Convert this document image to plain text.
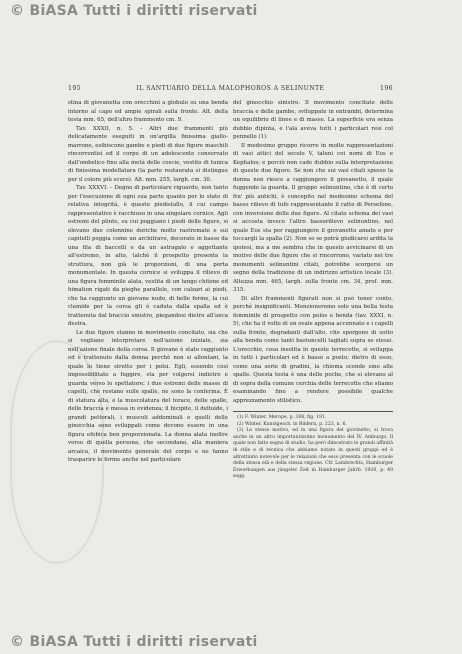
© BiASA Tutti i diritti riservati
195	IL SANTUARIO DELLA MALOPHOROS A SELINUNTE	196

stina di giovanetta con orecchini a globulo su una benda intorno al capo ed ampie spirali sulla fronte. Alt. della testa mm. 65, dell'altro frammento cm. 9.

Tav. XXXII, n. 5. – Altri due frammenti più delicatamente eseguiti in un'argilla finissima giallo-marrone, esibiscono gambe e piedi di due figure maschili rincorrentisi ed il corpo di un adolescente conservato dall'ombelico fino alla metà delle coscie, vestito di tunica di finissima modellatura (la parte restaurata si distingue per il colore più scuro). Alt. mm. 255, largh. cm. 30.

Tav. XXXVI. – Degno di particolare riguardo, non tanto per l'esecuzione di ogni sua parte quanto per lo stato di relativa integrità, è questo piedistallo, il cui campo rappresentativo è racchiuso in una singolare cornice. Agli estremi del plinto, su cui poggiano i piedi delle figure, si elevano due colonnine doriche molto rastremate e sui capitelli poggia come un architrave, decorato in basso da una fila di baccelli e da un astragalo e aggettante all'estremo, in alto, talchè il prospetto presenta la struttura, non già le proporzioni, di una porta monumentale. In questa cornice si sviluppa il rilievo di una figura femminile alata, vestita di un lungo chitone ed himation rigati da pieghe parallele, con calzari ai piedi, che ha raggiunto un giovane nudo, di belle forme, la cui clamide per la corsa gli è caduta dalla spalla ed è trattenuta dal braccio sinistro, piegandosi dietro all'anca destra.

Le due figure stanno in movimento concitato, sia che si vogliano interpretare nell'azione iniziale, sia nell'azione finale della corsa. Il giovane è stato raggiunto ed è trattenuto dalla donna perchè non si allontani, la quale lo tiene stretto per i polsi. Egli, essendo così impossibilitato a fuggire, sta per volgersi indietro e guarda verso lo spettatore; i due estremi delle masse di capelli, che restano sulle spalle, ne sono la conferma. È di statura alta, e la muscolatura del torace, delle spalle, delle braccia è messa in evidenza; il bicipite, il deltoide, i grandi pettorali, i muscoli addominali e quelli delle ginocchia sono sviluppati come devono essere in una figura efebica ben proporzionata. La donna alata inoltre verso di quella persona, che secondano, alla maniera arcaica, il movimento generale del corpo e ne fanno trasparire le forme anche nel particolare

del ginocchio sinistro. Il movimento concitato delle braccia e delle gambe, sviluppate in entrambi, determina un equilibrio di linee e di masse. La superficie era senza dubbio dipinta, e l'ala aveva tutti i particolari resi col pennello (1).

Il medesimo gruppo ricorre in molte rappresentazioni di vasi attici del secolo V, taluni coi nomi di Eos e Kephalos; e perciò non cade dubbio sulla interpretazione di queste due figure. Se non che sui vasi citati spesso la donna non riesce a raggiungere il giovanetto, il quale fuggendo la guarda. Il gruppo selinuntino, che è di certo fra' più antichi, è concepito nel medesimo schema del basso rilievo di tufo rappresentante il ratto di Persefone, con inversione delle due figure. Al citato schema dei vasi si accosta invece l'altro bassorilievo selinuntino, nel quale Eos sta per raggiungere il giovanetto amato e per toccargli la spalla (2). Non so se potrà giudicarsi ardita la ipotesi, ma a me sembra che in questo avvicinarsi di un motivo delle due figure che si rincorrono, variato nei tre monumenti selinuntini citati, potrebbe scorgersi un segno della tradizione di un indirizzo artistico locale (3). Altezza mm. 465, largh. sulla fronte cm. 34, prof. mm. 315.

Di altri frammenti figurati non si può tener conto, perchè insignificanti. Menzioneremo solo una bella testa femminile di prospetto con polos e benda (tav. XXXI, n. 5), che ha il volto di un ovale appena accennato e i capelli sulla fronte, degradanti dall'alto, che sporgono di sotto alla benda come tanti bastoncelli tagliati sopra se stessi. L'orecchio, cosa insolita in queste terrecotte, si sviluppa in tutti i particolari ed è basso a posto; dietro di esso, come una serie di gradini, la chioma scende sino alle spalle. Questa testa è una delle poche, che si elevano al di sopra della comune cerchia delle terrecotte che stiamo esaminando fino a rendere possibile qualche apprezzamento stilistico.

(1) F. Winter, Merope, p. 308, fig. 191.
(2) Winter, Kunstgesch. in Bildern, p. 223, n. 6.
(3) Lo stesso motivo, ed in una figura del giovinetto, si trova anche in un altro importantissimo monumento del IV. Amburgo. Il quale non fatto segno di studio, ha però dimostrato le grandi affinità di stile e di tecnica che abbiamo notato in questi gruppi ed è altrettanto notevole per le relazioni che esso presenta con le scuole della stessa età e della stessa regione. Cfr. Lambrechts, Hamburger Erwerbungen aus jüngster Zeit in Hamburger Jahrb. 1920, p. 49 segg.
© BiASA Tutti i diritti riservati
